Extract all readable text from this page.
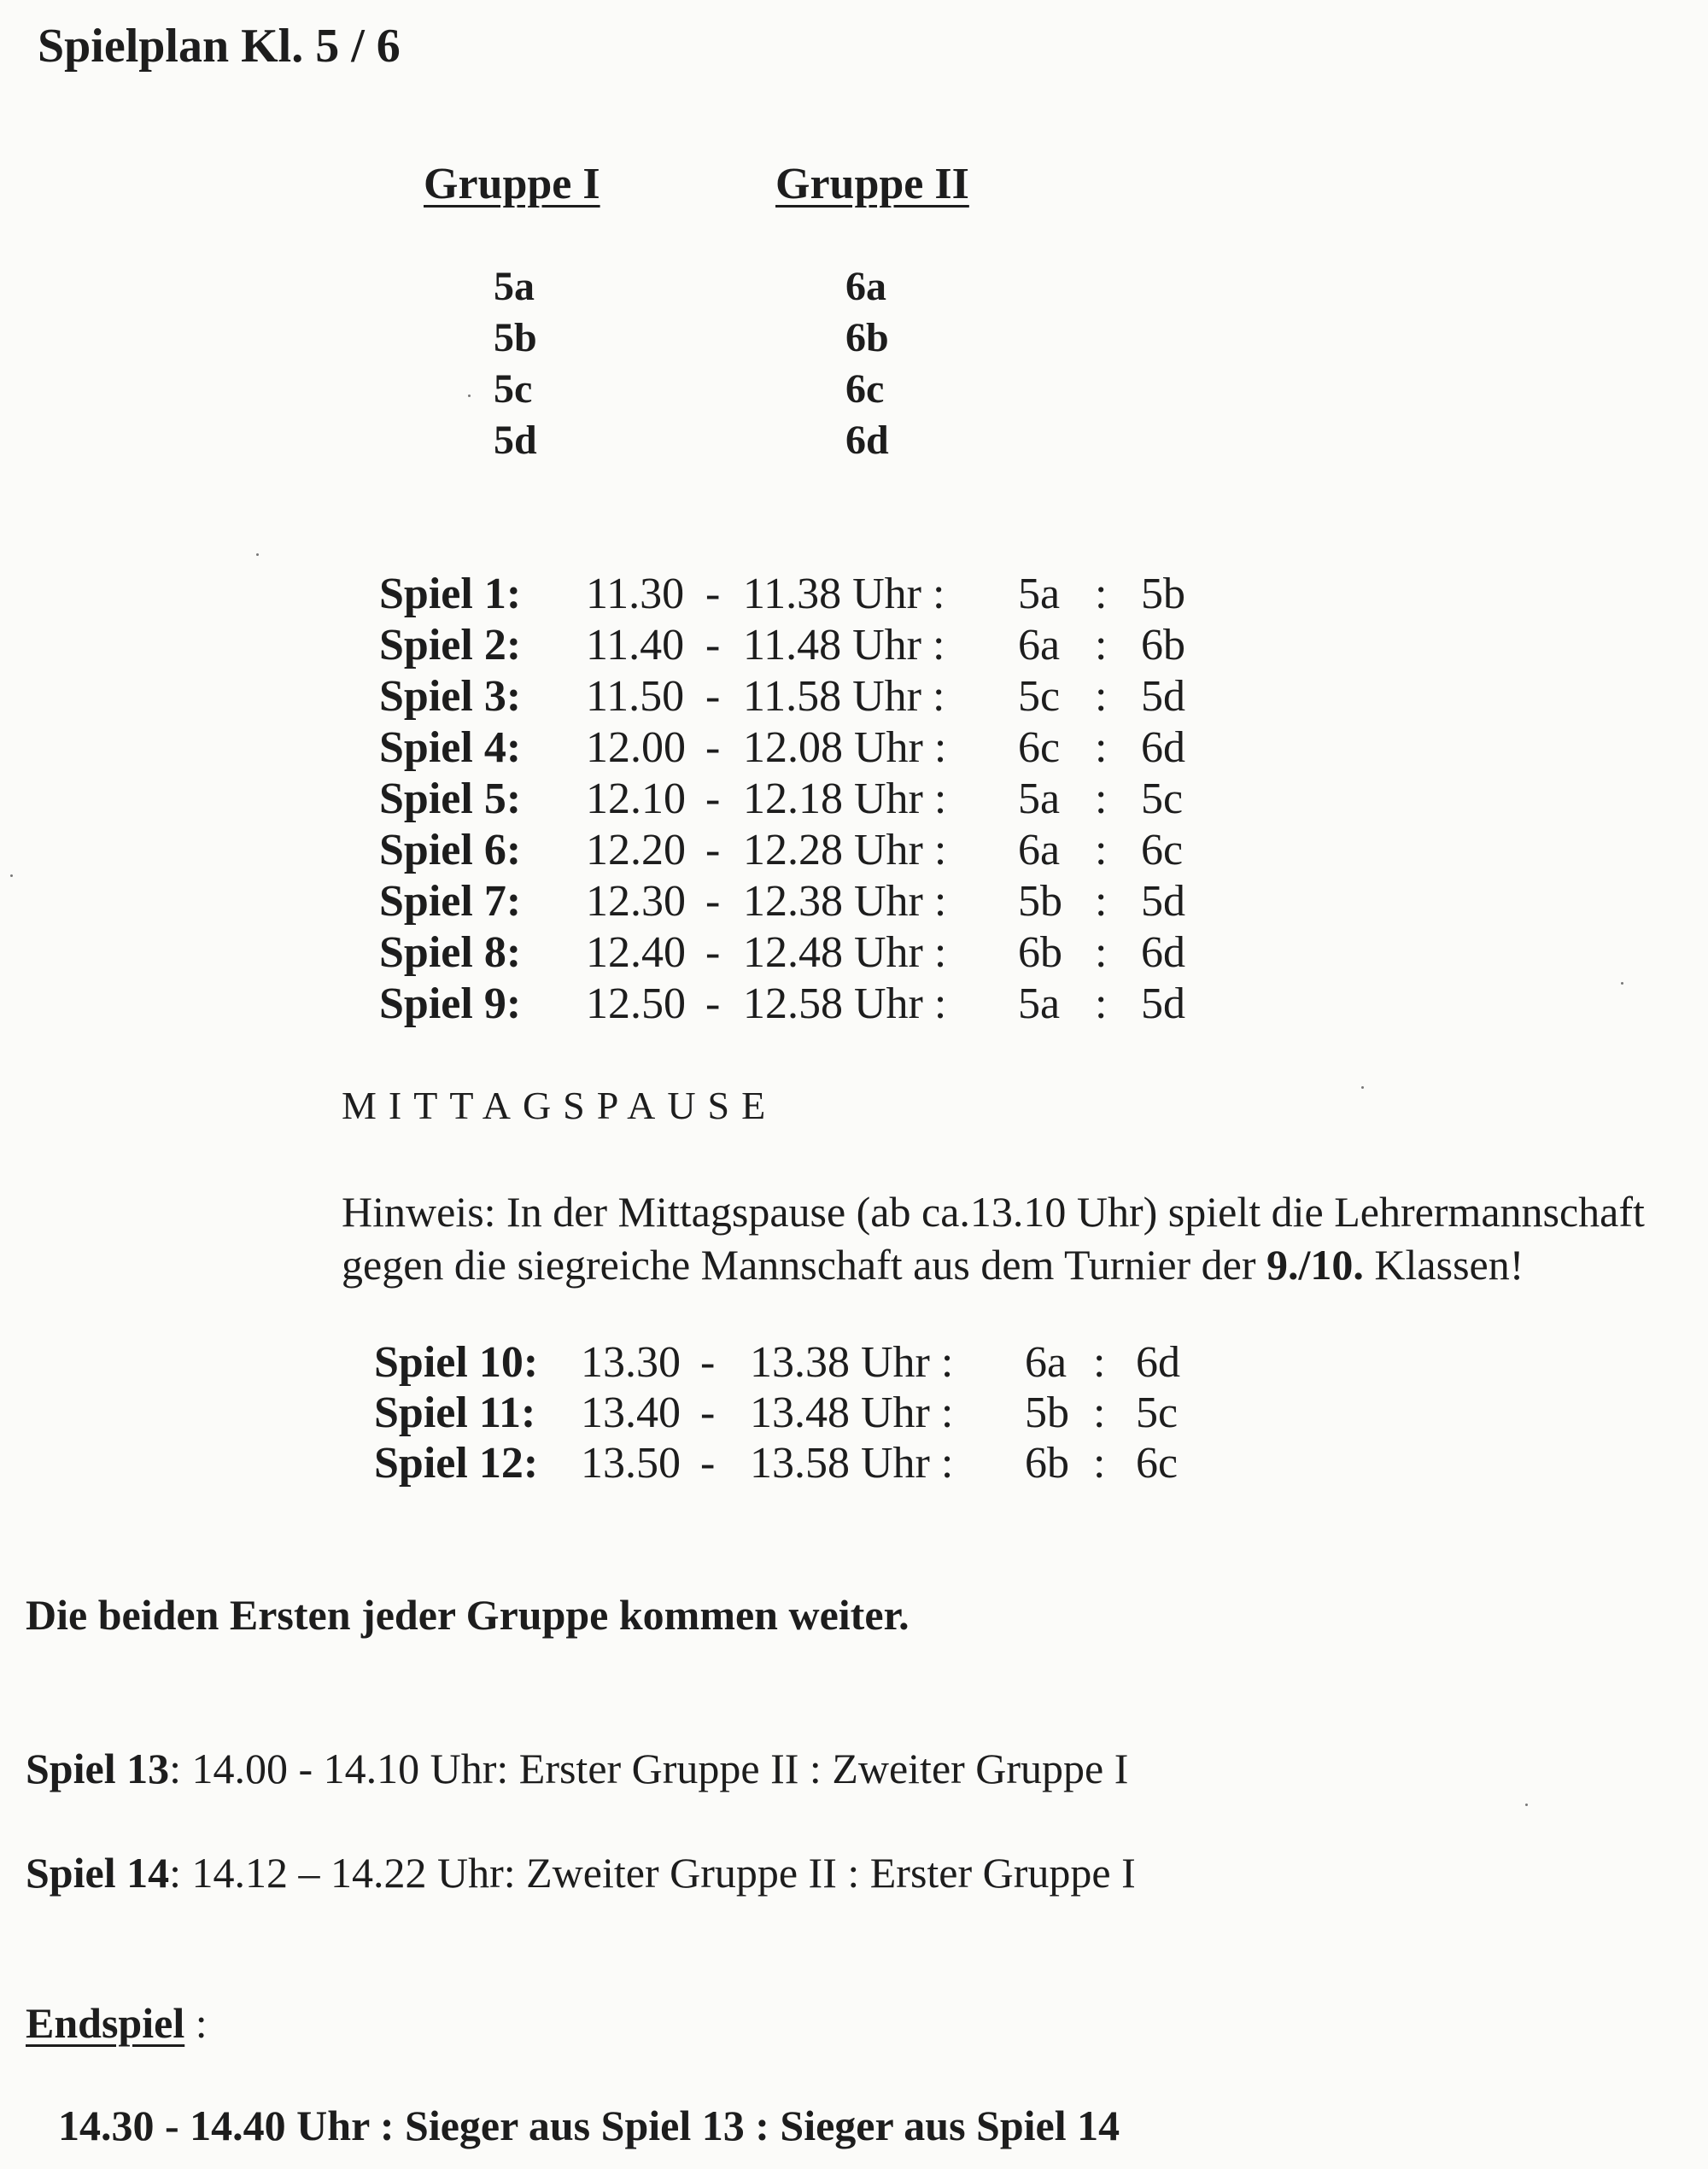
Spielplan Kl. 5 / 6
Gruppe I	Gruppe II
5a
5b
5c
5d
6a
6b
6c
6d
Spiel 1: 11.30 - 11.38 Uhr : 5a : 5b
Spiel 2: 11.40 - 11.48 Uhr : 6a : 6b
Spiel 3: 11.50 - 11.58 Uhr : 5c : 5d
Spiel 4: 12.00 - 12.08 Uhr : 6c : 6d
Spiel 5: 12.10 - 12.18 Uhr : 5a : 5c
Spiel 6: 12.20 - 12.28 Uhr : 6a : 6c
Spiel 7: 12.30 - 12.38 Uhr : 5b : 5d
Spiel 8: 12.40 - 12.48 Uhr : 6b : 6d
Spiel 9: 12.50 - 12.58 Uhr : 5a : 5d
MITTAGSPAUSE
Hinweis: In der Mittagspause (ab ca.13.10 Uhr) spielt die Lehrermannschaft
gegen die siegreiche Mannschaft aus dem Turnier der 9./10. Klassen!
Spiel 10: 13.30 - 13.38 Uhr : 6a : 6d
Spiel 11: 13.40 - 13.48 Uhr : 5b : 5c
Spiel 12: 13.50 - 13.58 Uhr : 6b : 6c
Die beiden Ersten jeder Gruppe kommen weiter.
Spiel 13: 14.00 - 14.10 Uhr: Erster Gruppe II : Zweiter Gruppe I
Spiel 14: 14.12 – 14.22 Uhr: Zweiter Gruppe II : Erster Gruppe I
Endspiel :
14.30 - 14.40 Uhr : Sieger aus Spiel 13 : Sieger aus Spiel 14
